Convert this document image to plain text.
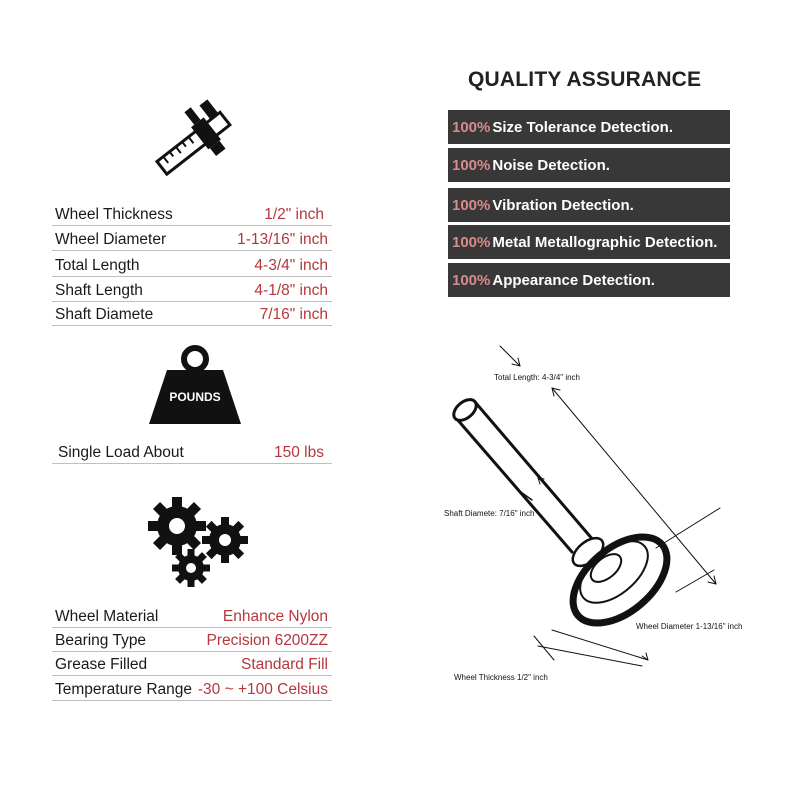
Wheel Thickness	1/2" inch
Wheel Diameter	1-13/16" inch
Total Length	4-3/4" inch
Shaft Length	4-1/8" inch
Shaft Diamete	7/16" inch
POUNDS
Single Load About	150 lbs
Wheel Material	Enhance Nylon
Bearing Type	Precision 6200ZZ
Grease Filled	Standard Fill
Temperature Range -30 ~ +100 Celsius
QUALITY ASSURANCE
100% Size Tolerance Detection.
100% Noise Detection.
100% Vibration Detection.
100% Metal Metallographic Detection.
100% Appearance Detection.
Total Length: 4-3/4" inch
Shaft Diamete: 7/16" inch
Wheel Diameter 1-13/16" inch
Wheel Thickness 1/2" inch
